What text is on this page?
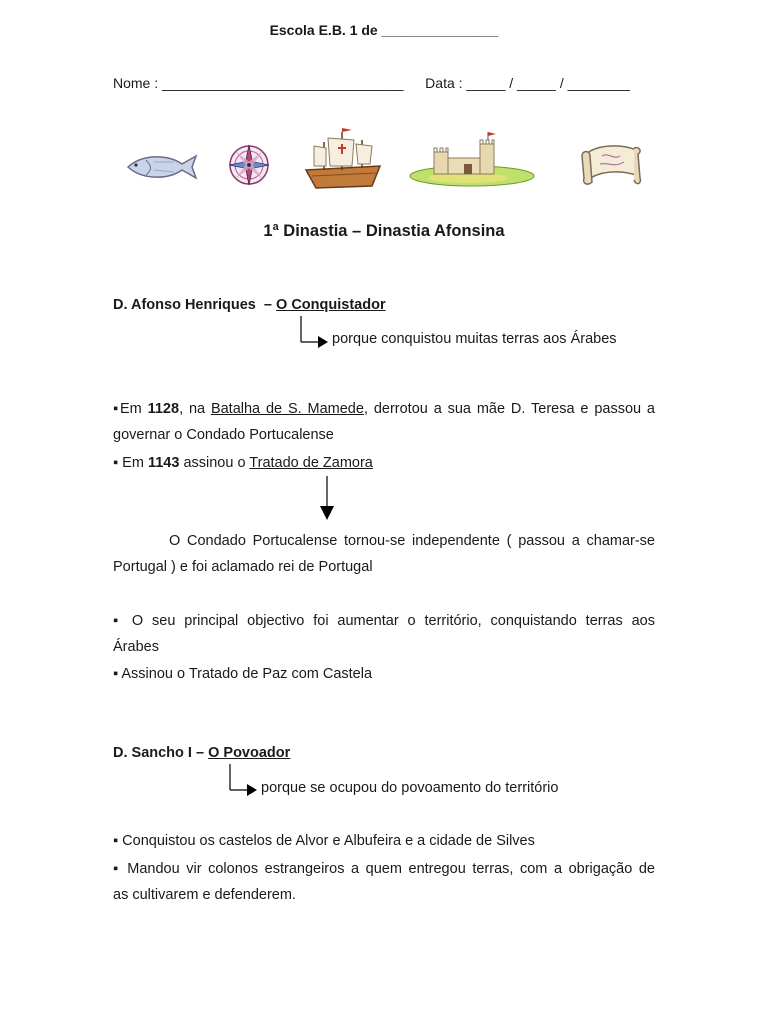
Escola E.B. 1 de _______________
Nome : _______________________________ Data : _____ / _____ / ________
1ª Dinastia – Dinastia Afonsina
D. Afonso Henriques  – O Conquistador
porque conquistou muitas terras aos Árabes
▪Em 1128, na Batalha de S. Mamede, derrotou a sua mãe D. Teresa e passou a
governar o Condado Portucalense
▪ Em 1143 assinou o Tratado de Zamora
O Condado Portucalense tornou-se independente ( passou a chamar-se
Portugal ) e foi aclamado rei de Portugal
▪ O seu principal objectivo foi aumentar o território, conquistando terras aos
Árabes
▪ Assinou o Tratado de Paz com Castela
D. Sancho I – O Povoador
porque se ocupou do povoamento do território
▪ Conquistou os castelos de Alvor e Albufeira e a cidade de Silves
▪ Mandou vir colonos estrangeiros a quem entregou terras, com a obrigação de
as cultivarem e defenderem.
